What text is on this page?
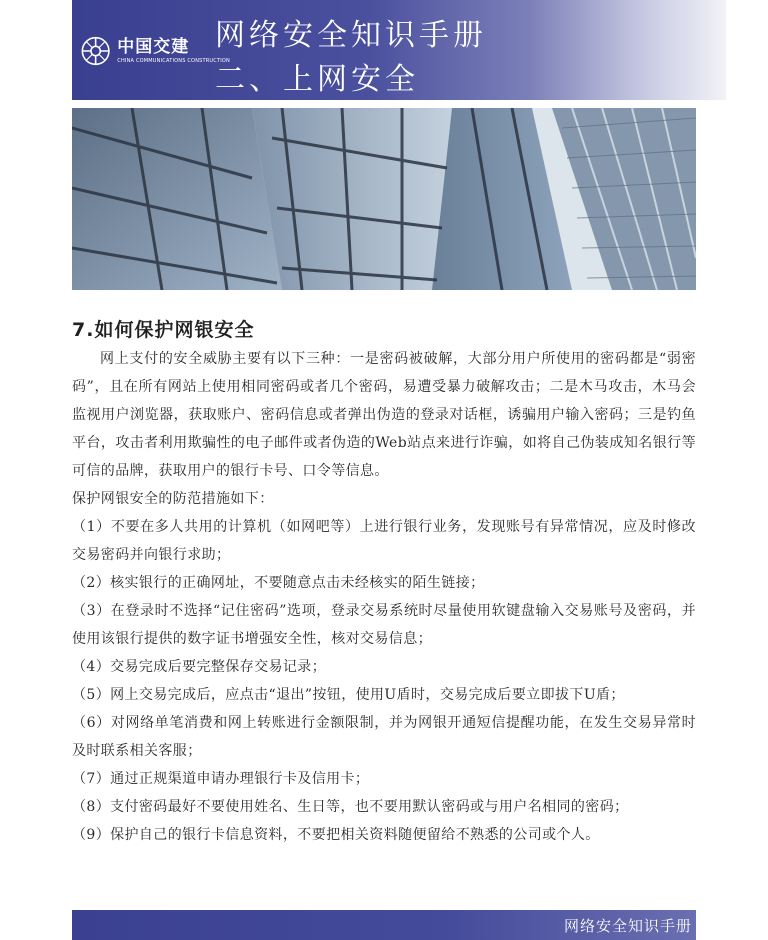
中国交建
CHINA COMMUNICATIONS CONSTRUCTION
网络安全知识手册
二、上网安全
7.如何保护网银安全

网上支付的安全威胁主要有以下三种：一是密码被破解，大部分用户所使用的密码都是“弱密码”，且在所有网站上使用相同密码或者几个密码，易遭受暴力破解攻击；二是木马攻击，木马会监视用户浏览器，获取账户、密码信息或者弹出伪造的登录对话框，诱骗用户输入密码；三是钓鱼平台，攻击者利用欺骗性的电子邮件或者伪造的Web站点来进行诈骗，如将自己伪装成知名银行等可信的品牌，获取用户的银行卡号、口令等信息。

保护网银安全的防范措施如下：

（1）不要在多人共用的计算机（如网吧等）上进行银行业务，发现账号有异常情况，应及时修改交易密码并向银行求助；

（2）核实银行的正确网址，不要随意点击未经核实的陌生链接；

（3）在登录时不选择“记住密码”选项，登录交易系统时尽量使用软键盘输入交易账号及密码，并使用该银行提供的数字证书增强安全性，核对交易信息；

（4）交易完成后要完整保存交易记录；

（5）网上交易完成后，应点击“退出”按钮，使用U盾时，交易完成后要立即拔下U盾；

（6）对网络单笔消费和网上转账进行金额限制，并为网银开通短信提醒功能，在发生交易异常时及时联系相关客服；

（7）通过正规渠道申请办理银行卡及信用卡；

（8）支付密码最好不要使用姓名、生日等，也不要用默认密码或与用户名相同的密码；

（9）保护自己的银行卡信息资料，不要把相关资料随便留给不熟悉的公司或个人。

网络安全知识手册
